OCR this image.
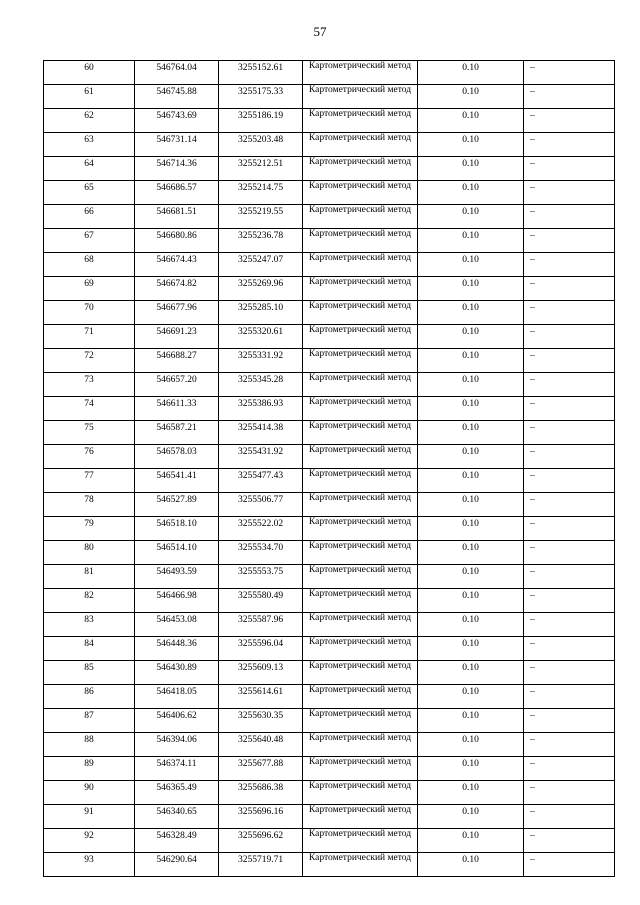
57
60	546764.04	3255152.61	Картометрический метод	0.10	–
61	546745.88	3255175.33	Картометрический метод	0.10	–
62	546743.69	3255186.19	Картометрический метод	0.10	–
63	546731.14	3255203.48	Картометрический метод	0.10	–
64	546714.36	3255212.51	Картометрический метод	0.10	–
65	546686.57	3255214.75	Картометрический метод	0.10	–
66	546681.51	3255219.55	Картометрический метод	0.10	–
67	546680.86	3255236.78	Картометрический метод	0.10	–
68	546674.43	3255247.07	Картометрический метод	0.10	–
69	546674.82	3255269.96	Картометрический метод	0.10	–
70	546677.96	3255285.10	Картометрический метод	0.10	–
71	546691.23	3255320.61	Картометрический метод	0.10	–
72	546688.27	3255331.92	Картометрический метод	0.10	–
73	546657.20	3255345.28	Картометрический метод	0.10	–
74	546611.33	3255386.93	Картометрический метод	0.10	–
75	546587.21	3255414.38	Картометрический метод	0.10	–
76	546578.03	3255431.92	Картометрический метод	0.10	–
77	546541.41	3255477.43	Картометрический метод	0.10	–
78	546527.89	3255506.77	Картометрический метод	0.10	–
79	546518.10	3255522.02	Картометрический метод	0.10	–
80	546514.10	3255534.70	Картометрический метод	0.10	–
81	546493.59	3255553.75	Картометрический метод	0.10	–
82	546466.98	3255580.49	Картометрический метод	0.10	–
83	546453.08	3255587.96	Картометрический метод	0.10	–
84	546448.36	3255596.04	Картометрический метод	0.10	–
85	546430.89	3255609.13	Картометрический метод	0.10	–
86	546418.05	3255614.61	Картометрический метод	0.10	–
87	546406.62	3255630.35	Картометрический метод	0.10	–
88	546394.06	3255640.48	Картометрический метод	0.10	–
89	546374.11	3255677.88	Картометрический метод	0.10	–
90	546365.49	3255686.38	Картометрический метод	0.10	–
91	546340.65	3255696.16	Картометрический метод	0.10	–
92	546328.49	3255696.62	Картометрический метод	0.10	–
93	546290.64	3255719.71	Картометрический метод	0.10	–
